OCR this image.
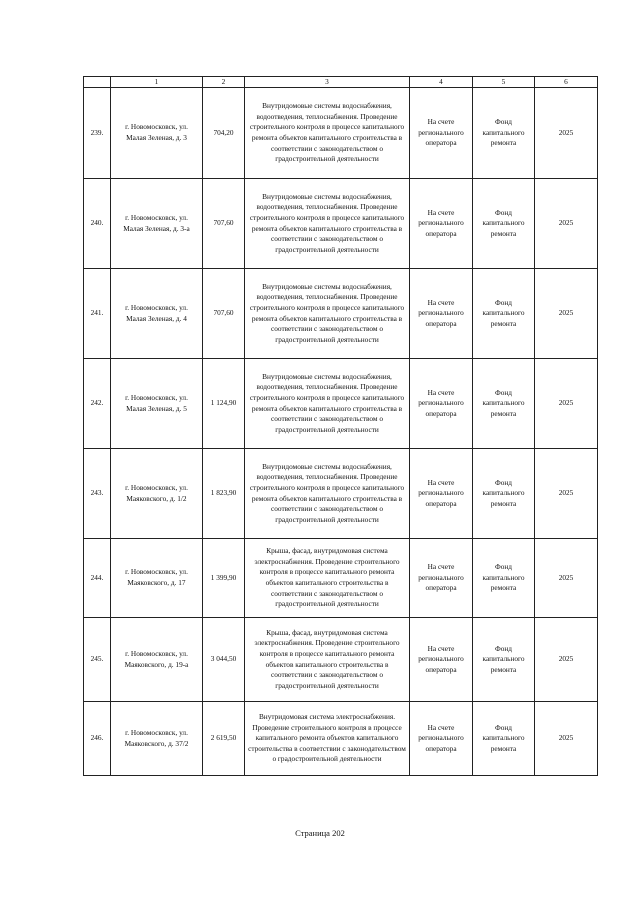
	1	2	3	4	5	6
239.	г. Новомосковск, ул. Малая Зеленая, д. 3	704,20	Внутридомовые системы водоснабжения, водоотведения, теплоснабжения. Проведение строительного контроля в процессе капитального ремонта объектов капитального строительства в соответствии с законодательством о градостроительной деятельности	На счете регионального оператора	Фонд капитального ремонта	2025
240.	г. Новомосковск, ул. Малая Зеленая, д. 3-а	707,60	Внутридомовые системы водоснабжения, водоотведения, теплоснабжения. Проведение строительного контроля в процессе капитального ремонта объектов капитального строительства в соответствии с законодательством о градостроительной деятельности	На счете регионального оператора	Фонд капитального ремонта	2025
241.	г. Новомосковск, ул. Малая Зеленая, д. 4	707,60	Внутридомовые системы водоснабжения, водоотведения, теплоснабжения. Проведение строительного контроля в процессе капитального ремонта объектов капитального строительства в соответствии с законодательством о градостроительной деятельности	На счете регионального оператора	Фонд капитального ремонта	2025
242.	г. Новомосковск, ул. Малая Зеленая, д. 5	1 124,90	Внутридомовые системы водоснабжения, водоотведения, теплоснабжения. Проведение строительного контроля в процессе капитального ремонта объектов капитального строительства в соответствии с законодательством о градостроительной деятельности	На счете регионального оператора	Фонд капитального ремонта	2025
243.	г. Новомосковск, ул. Маяковского, д. 1/2	1 823,90	Внутридомовые системы водоснабжения, водоотведения, теплоснабжения. Проведение строительного контроля в процессе капитального ремонта объектов капитального строительства в соответствии с законодательством о градостроительной деятельности	На счете регионального оператора	Фонд капитального ремонта	2025
244.	г. Новомосковск, ул. Маяковского, д. 17	1 399,90	Крыша, фасад, внутридомовая система электроснабжения. Проведение строительного контроля в процессе капитального ремонта объектов капитального строительства в соответствии с законодательством о градостроительной деятельности	На счете регионального оператора	Фонд капитального ремонта	2025
245.	г. Новомосковск, ул. Маяковского, д. 19-а	3 044,50	Крыша, фасад, внутридомовая система электроснабжения. Проведение строительного контроля в процессе капитального ремонта объектов капитального строительства в соответствии с законодательством о градостроительной деятельности	На счете регионального оператора	Фонд капитального ремонта	2025
246.	г. Новомосковск, ул. Маяковского, д. 37/2	2 619,50	Внутридомовая система электроснабжения. Проведение строительного контроля в процессе капитального ремонта объектов капитального строительства в соответствии с законодательством о градостроительной деятельности	На счете регионального оператора	Фонд капитального ремонта	2025
Страница 202
